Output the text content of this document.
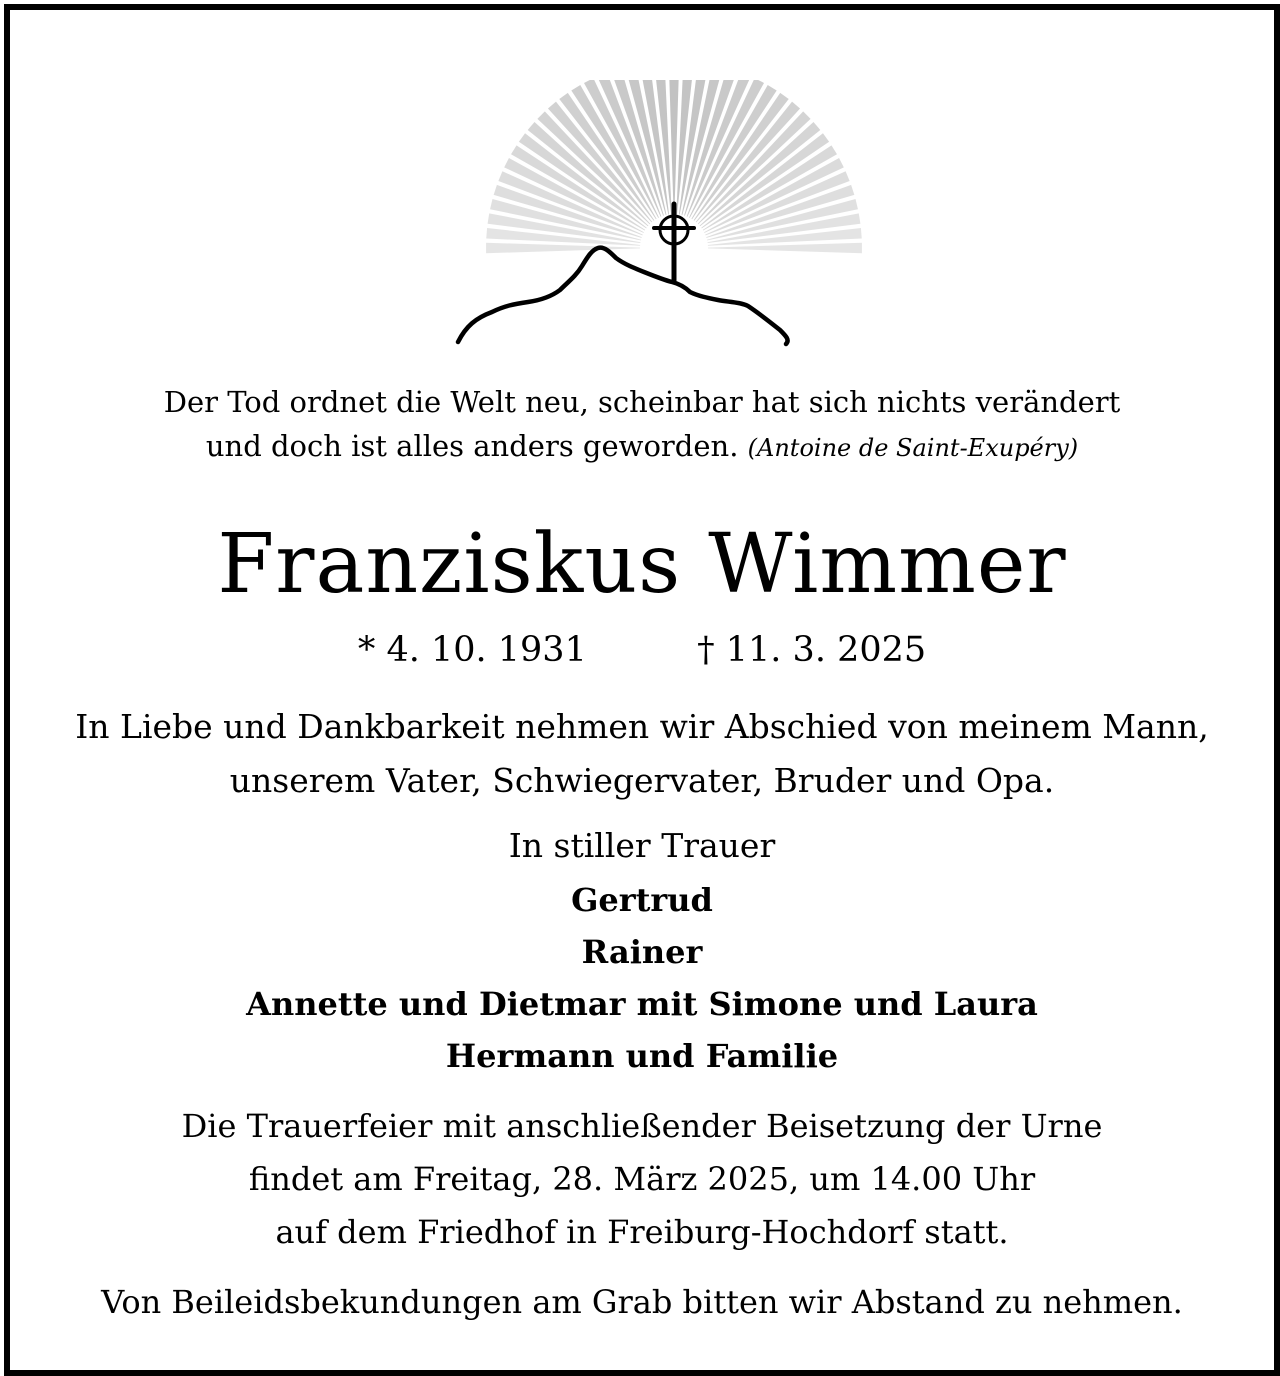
Der Tod ordnet die Welt neu, scheinbar hat sich nichts verändert
und doch ist alles anders geworden. (Antoine de Saint-Exupéry)
Franziskus Wimmer
* 4. 10. 1931	† 11. 3. 2025
In Liebe und Dankbarkeit nehmen wir Abschied von meinem Mann,
unserem Vater, Schwiegervater, Bruder und Opa.
In stiller Trauer
Gertrud
Rainer
Annette und Dietmar mit Simone und Laura
Hermann und Familie
Die Trauerfeier mit anschließender Beisetzung der Urne
findet am Freitag, 28. März 2025, um 14.00 Uhr
auf dem Friedhof in Freiburg-Hochdorf statt.
Von Beileidsbekundungen am Grab bitten wir Abstand zu nehmen.
